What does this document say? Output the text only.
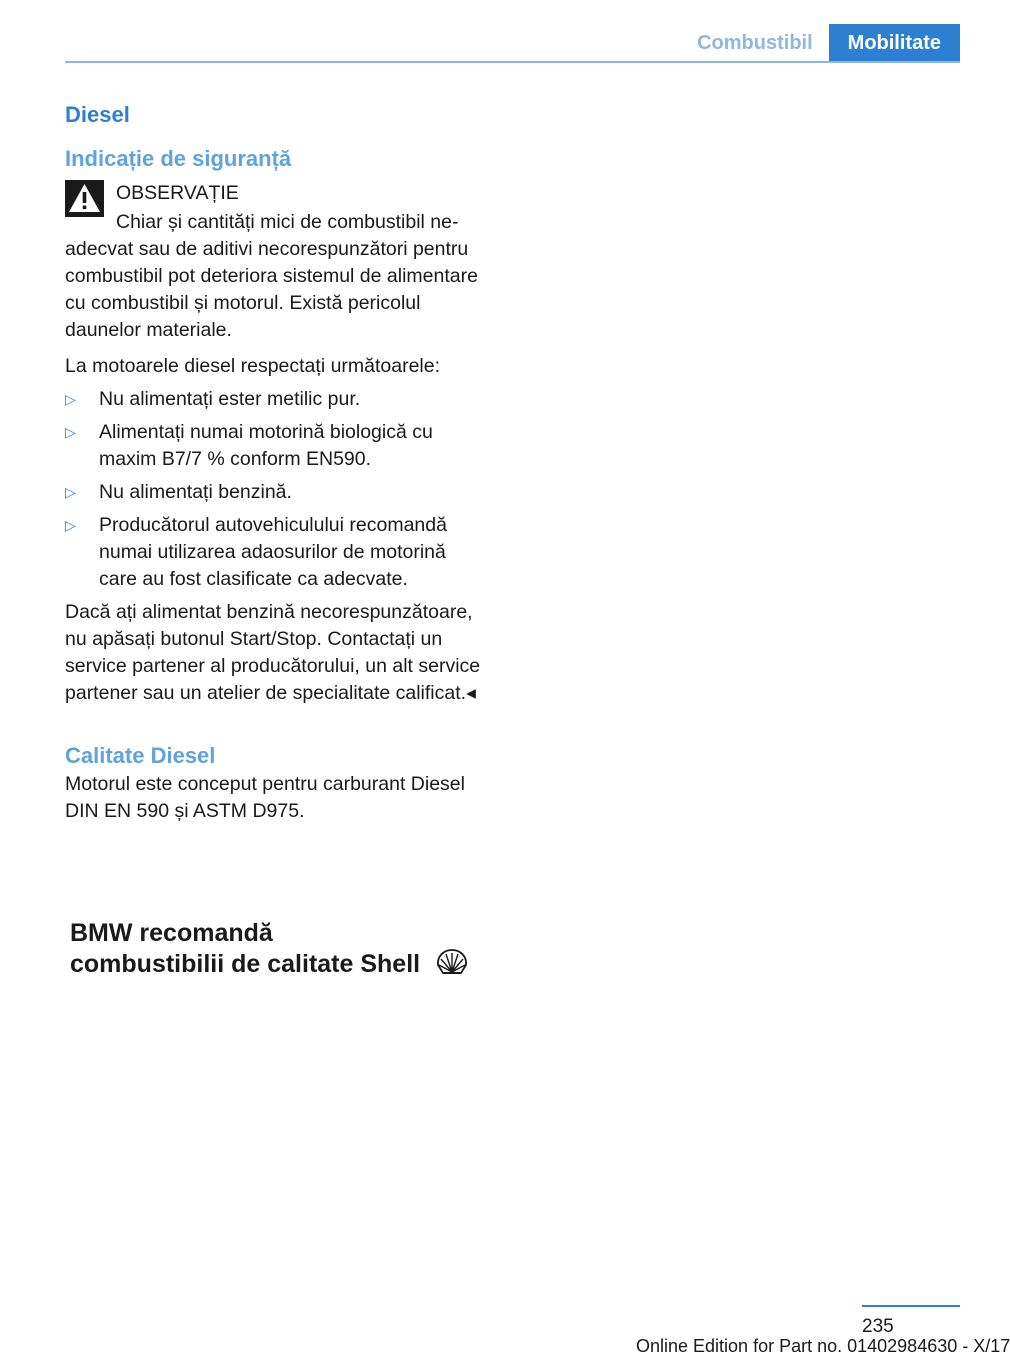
Combustibil	Mobilitate
Diesel
Indicație de siguranță

OBSERVAȚIE

Chiar și cantități mici de combustibil neadecvat sau de aditivi necorespunzători pentru combustibil pot deteriora sistemul de alimentare cu combustibil și motorul. Există pericolul daunelor materiale.

La motoarele diesel respectați următoarele:

▷ Nu alimentați ester metilic pur.
▷ Alimentați numai motorină biologică cu maxim B7/7 % conform EN590.
▷ Nu alimentați benzină.
▷ Producătorul autovehiculului recomandă numai utilizarea adaosurilor de motorină care au fost clasificate ca adecvate.

Dacă ați alimentat benzină necorespunzătoare, nu apăsați butonul Start/Stop. Contactați un service partener al producătorului, un alt service partener sau un atelier de specialitate calificat.◂

Calitate Diesel

Motorul este conceput pentru carburant Diesel DIN EN 590 și ASTM D975.

BMW recomandă
combustibilii de calitate Shell
235
Online Edition for Part no. 01402984630 - X/17
